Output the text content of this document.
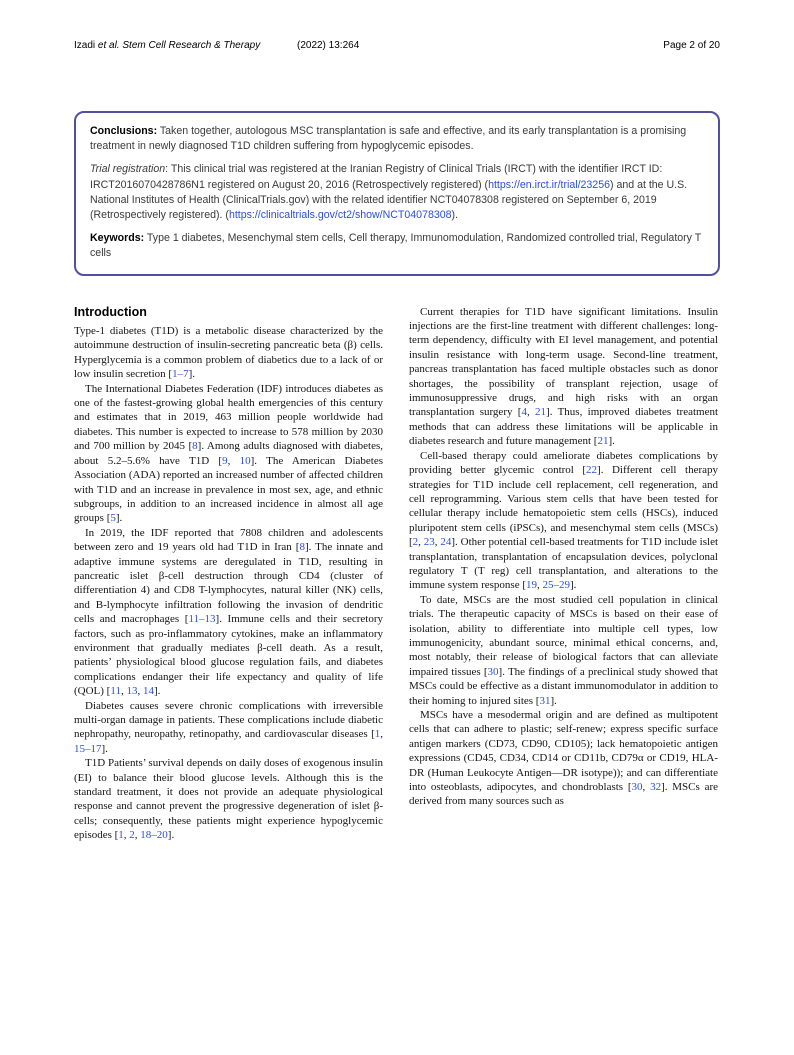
Izadi et al. Stem Cell Research & Therapy	(2022) 13:264	Page 2 of 20

Conclusions: Taken together, autologous MSC transplantation is safe and effective, and its early transplantation is a promising treatment in newly diagnosed T1D children suffering from hypoglycemic episodes.

Trial registration: This clinical trial was registered at the Iranian Registry of Clinical Trials (IRCT) with the identifier IRCT ID: IRCT2016070428786N1 registered on August 20, 2016 (Retrospectively registered) (https://en.irct.ir/trial/23256) and at the U.S. National Institutes of Health (ClinicalTrials.gov) with the related identifier NCT04078308 registered on September 6, 2019 (Retrospectively registered). (https://clinicaltrials.gov/ct2/show/NCT04078308).

Keywords: Type 1 diabetes, Mesenchymal stem cells, Cell therapy, Immunomodulation, Randomized controlled trial, Regulatory T cells

Introduction

Type-1 diabetes (T1D) is a metabolic disease characterized by the autoimmune destruction of insulin-secreting pancreatic beta (β) cells. Hyperglycemia is a common problem of diabetics due to a lack of or low insulin secretion [1–7].

The International Diabetes Federation (IDF) introduces diabetes as one of the fastest-growing global health emergencies of this century and estimates that in 2019, 463 million people worldwide had diabetes. This number is expected to increase to 578 million by 2030 and 700 million by 2045 [8]. Among adults diagnosed with diabetes, about 5.2–5.6% have T1D [9, 10]. The American Diabetes Association (ADA) reported an increased number of affected children with T1D and an increase in prevalence in most sex, age, and ethnic subgroups, in addition to an increased incidence in almost all age groups [5].

In 2019, the IDF reported that 7808 children and adolescents between zero and 19 years old had T1D in Iran [8]. The innate and adaptive immune systems are deregulated in T1D, resulting in pancreatic islet β-cell destruction through CD4 (cluster of differentiation 4) and CD8 T-lymphocytes, natural killer (NK) cells, and B-lymphocyte infiltration following the invasion of dendritic cells and macrophages [11–13]. Immune cells and their secretory factors, such as pro-inflammatory cytokines, make an inflammatory environment that gradually mediates β-cell death. As a result, patients’ physiological blood glucose regulation fails, and diabetes complications endanger their life expectancy and quality of life (QOL) [11, 13, 14].

Diabetes causes severe chronic complications with irreversible multi-organ damage in patients. These complications include diabetic nephropathy, neuropathy, retinopathy, and cardiovascular diseases [1, 15–17].

T1D Patients’ survival depends on daily doses of exogenous insulin (EI) to balance their blood glucose levels. Although this is the standard treatment, it does not provide an adequate physiological response and cannot prevent the progressive degeneration of islet β-cells; consequently, these patients might experience hypoglycemic episodes [1, 2, 18–20].

Current therapies for T1D have significant limitations. Insulin injections are the first-line treatment with different challenges: long-term dependency, difficulty with EI level management, and potential insulin resistance with long-term usage. Second-line treatment, pancreas transplantation has faced multiple obstacles such as donor shortages, the possibility of transplant rejection, usage of immunosuppressive drugs, and high risks with an organ transplantation surgery [4, 21]. Thus, improved diabetes treatment methods that can address these limitations will be applicable in diabetes research and future management [21].

Cell-based therapy could ameliorate diabetes complications by providing better glycemic control [22]. Different cell therapy strategies for T1D include cell replacement, cell regeneration, and cell reprogramming. Various stem cells that have been tested for cellular therapy include hematopoietic stem cells (HSCs), induced pluripotent stem cells (iPSCs), and mesenchymal stem cells (MSCs) [2, 23, 24]. Other potential cell-based treatments for T1D include islet transplantation, transplantation of encapsulation devices, polyclonal regulatory T (T reg) cell transplantation, and alterations to the immune system response [19, 25–29].

To date, MSCs are the most studied cell population in clinical trials. The therapeutic capacity of MSCs is based on their ease of isolation, ability to differentiate into multiple cell types, low immunogenicity, abundant source, minimal ethical concerns, and, most notably, their release of biological factors that can alleviate impaired tissues [30]. The findings of a preclinical study showed that MSCs could be effective as a distant immunomodulator in addition to their homing to injured sites [31].

MSCs have a mesodermal origin and are defined as multipotent cells that can adhere to plastic; self-renew; express specific surface antigen markers (CD73, CD90, CD105); lack hematopoietic antigen expressions (CD45, CD34, CD14 or CD11b, CD79α or CD19, HLA-DR (Human Leukocyte Antigen—DR isotype)); and can differentiate into osteoblasts, adipocytes, and chondroblasts [30, 32]. MSCs are derived from many sources such as
